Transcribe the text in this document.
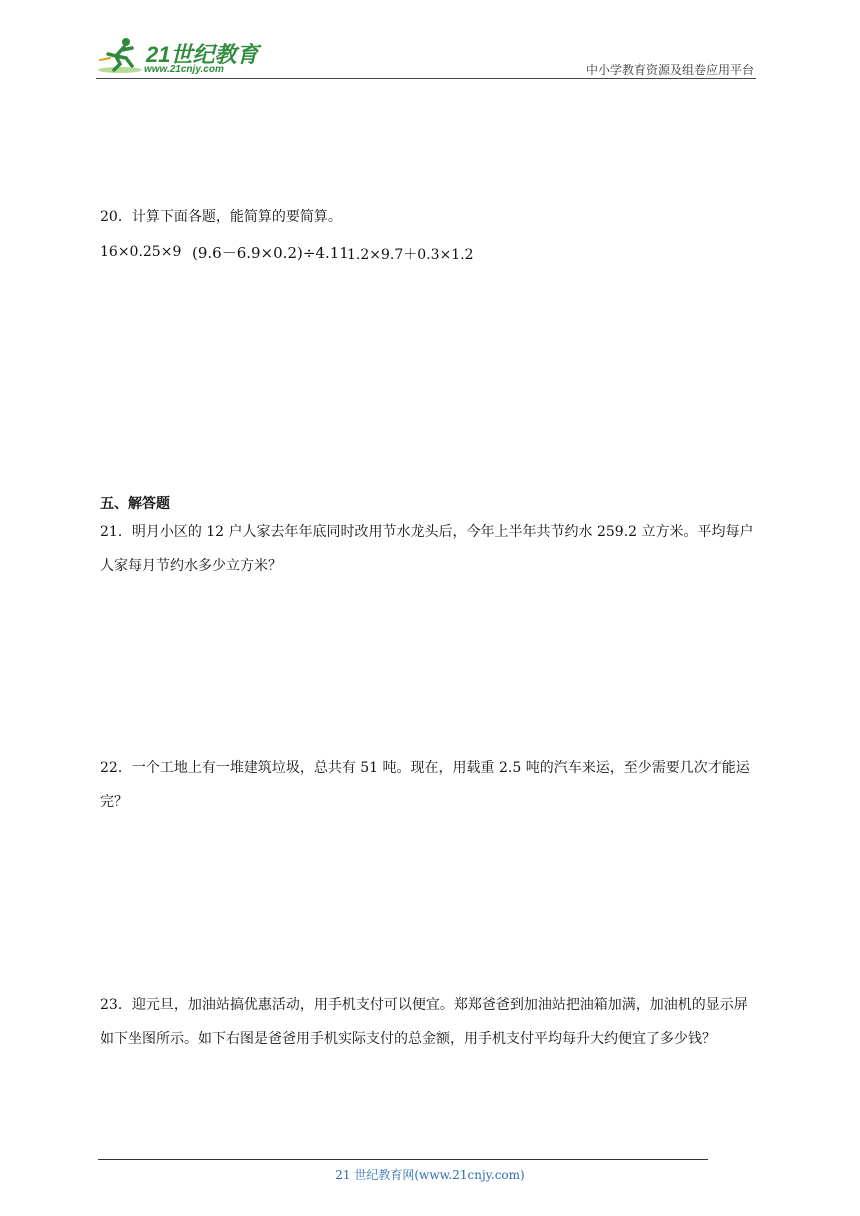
21世纪教育
www.21cnjy.com	中小学教育资源及组卷应用平台

20．计算下面各题，能简算的要简算。

16×0.25×9 (9.6－6.9×0.2)÷4.11
1.2×9.7＋0.3×1.2

五、解答题

21．明月小区的 12 户人家去年年底同时改用节水龙头后，今年上半年共节约水 259.2 立方米。平均每户人家每月节约水多少立方米？

22．一个工地上有一堆建筑垃圾，总共有 51 吨。现在，用载重 2.5 吨的汽车来运，至少需要几次才能运完？

23．迎元旦，加油站搞优惠活动，用手机支付可以便宜。郑郑爸爸到加油站把油箱加满，加油机的显示屏如下坐图所示。如下右图是爸爸用手机实际支付的总金额，用手机支付平均每升大约便宜了多少钱？

21 世纪教育网(www.21cnjy.com)
